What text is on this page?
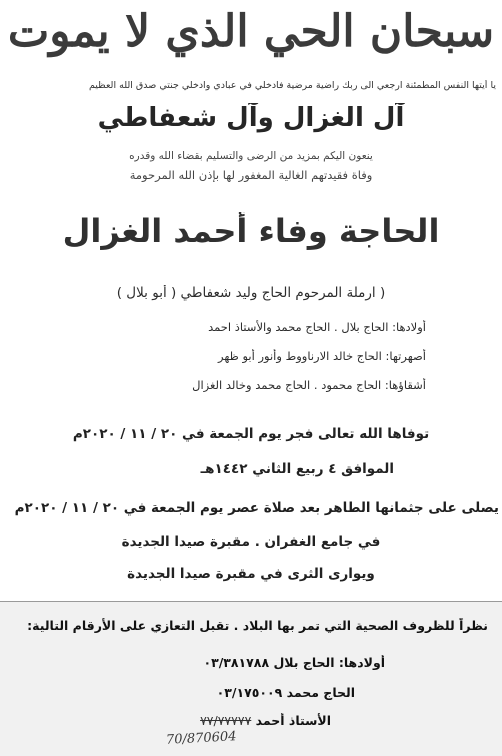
سبحان الحي الذي لا يموت
يا أيتها النفس المطمئنة ارجعي الى ربك راضية مرضية فادخلي في عبادي وادخلي جنتي صدق الله العظيم
آل الغزال وآل شعفاطي
ينعون اليكم بمزيد من الرضى والتسليم بقضاء الله وقدره
وفاة فقيدتهم الغالية المغفور لها بإذن الله المرحومة
الحاجة وفاء أحمد الغزال
( ارملة المرحوم الحاج وليد شعفاطي ( أبو بلال )
أولادها: الحاج بلال . الحاج محمد والأستاذ احمد
أصهرتها: الحاج خالد الارناووط وأنور أبو ظهر
أشقاؤها: الحاج محمود . الحاج محمد وخالد الغزال
توفاها الله تعالى فجر يوم الجمعة في ٢٠ / ١١ / ٢٠٢٠م
الموافق ٤ ربيع الثاني ١٤٤٢هـ
يصلى على جثمانها الطاهر بعد صلاة عصر يوم الجمعة في ٢٠ / ١١ / ٢٠٢٠م
في جامع الغفران . مقبرة صيدا الجديدة
ويوارى الثرى في مقبرة صيدا الجديدة
نظراً للظروف الصحية التي تمر بها البلاد . تقبل التعازي على الأرقام التالية:
أولادها: الحاج بلال ٠٣/٣٨١٧٨٨
الحاج محمد ٠٣/١٧٥٠٠٩
الأستاذ أحمد ٧٧/٧٧٧٧٧
70/870604
